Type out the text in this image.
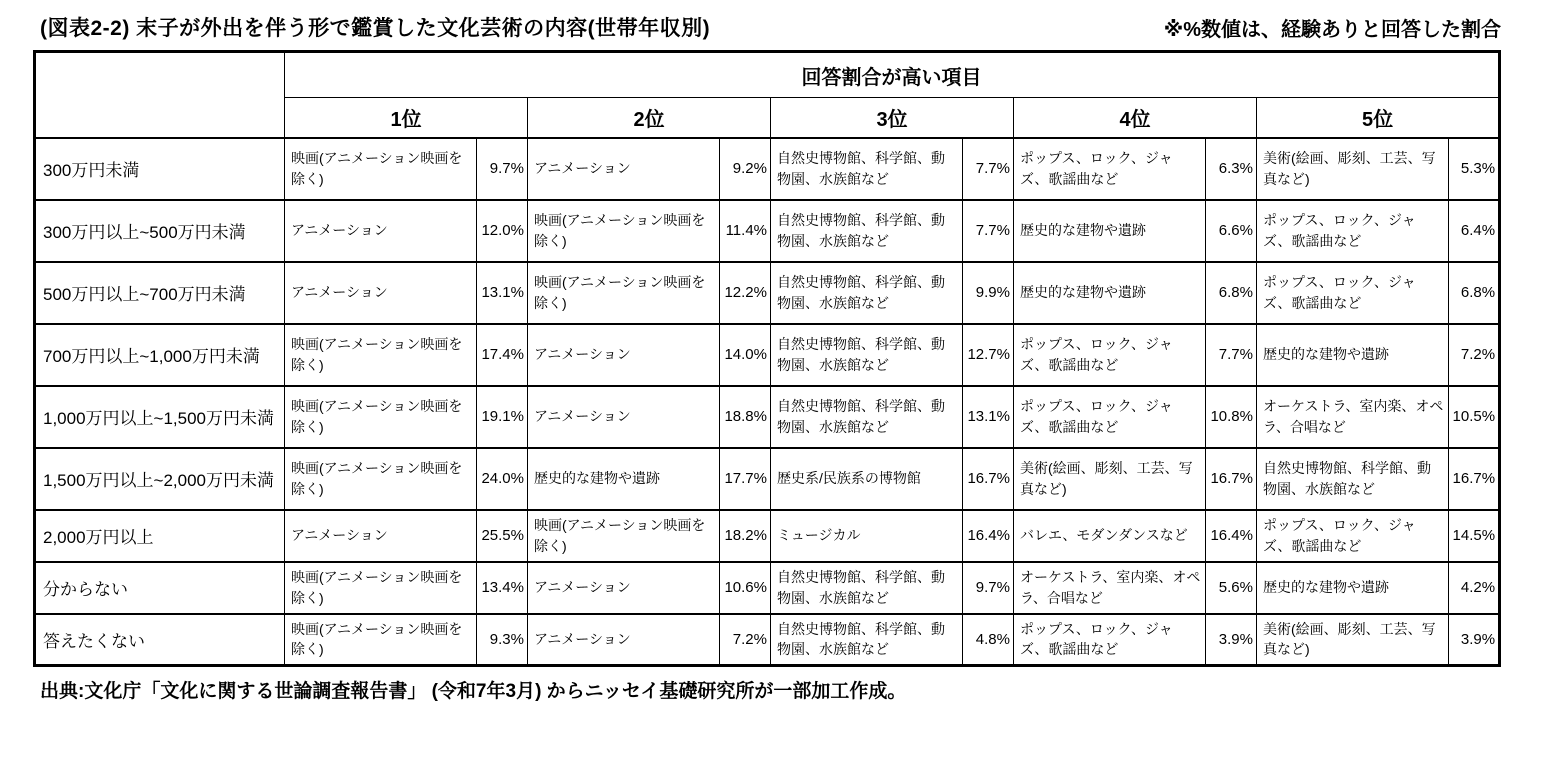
(図表2-2) 末子が外出を伴う形で鑑賞した文化芸術の内容(世帯年収別)	※%数値は、経験ありと回答した割合
	回答割合が高い項目									
	1位		2位		3位		4位		5位	
300万円未満	映画(アニメーション映画を除く)	9.7%	アニメーション	9.2%	自然史博物館、科学館、動物園、水族館など	7.7%	ポップス、ロック、ジャズ、歌謡曲など	6.3%	美術(絵画、彫刻、工芸、写真など)	5.3%
300万円以上~500万円未満	アニメーション	12.0%	映画(アニメーション映画を除く)	11.4%	自然史博物館、科学館、動物園、水族館など	7.7%	歴史的な建物や遺跡	6.6%	ポップス、ロック、ジャズ、歌謡曲など	6.4%
500万円以上~700万円未満	アニメーション	13.1%	映画(アニメーション映画を除く)	12.2%	自然史博物館、科学館、動物園、水族館など	9.9%	歴史的な建物や遺跡	6.8%	ポップス、ロック、ジャズ、歌謡曲など	6.8%
700万円以上~1,000万円未満	映画(アニメーション映画を除く)	17.4%	アニメーション	14.0%	自然史博物館、科学館、動物園、水族館など	12.7%	ポップス、ロック、ジャズ、歌謡曲など	7.7%	歴史的な建物や遺跡	7.2%
1,000万円以上~1,500万円未満	映画(アニメーション映画を除く)	19.1%	アニメーション	18.8%	自然史博物館、科学館、動物園、水族館など	13.1%	ポップス、ロック、ジャズ、歌謡曲など	10.8%	オーケストラ、室内楽、オペラ、合唱など	10.5%
1,500万円以上~2,000万円未満	映画(アニメーション映画を除く)	24.0%	歴史的な建物や遺跡	17.7%	歴史系/民族系の博物館	16.7%	美術(絵画、彫刻、工芸、写真など)	16.7%	自然史博物館、科学館、動物園、水族館など	16.7%
2,000万円以上	アニメーション	25.5%	映画(アニメーション映画を除く)	18.2%	ミュージカル	16.4%	バレエ、モダンダンスなど	16.4%	ポップス、ロック、ジャズ、歌謡曲など	14.5%
分からない	映画(アニメーション映画を除く)	13.4%	アニメーション	10.6%	自然史博物館、科学館、動物園、水族館など	9.7%	オーケストラ、室内楽、オペラ、合唱など	5.6%	歴史的な建物や遺跡	4.2%
答えたくない	映画(アニメーション映画を除く)	9.3%	アニメーション	7.2%	自然史博物館、科学館、動物園、水族館など	4.8%	ポップス、ロック、ジャズ、歌謡曲など	3.9%	美術(絵画、彫刻、工芸、写真など)	3.9%
出典:文化庁「文化に関する世論調査報告書」 (令和7年3月) からニッセイ基礎研究所が一部加工作成。
